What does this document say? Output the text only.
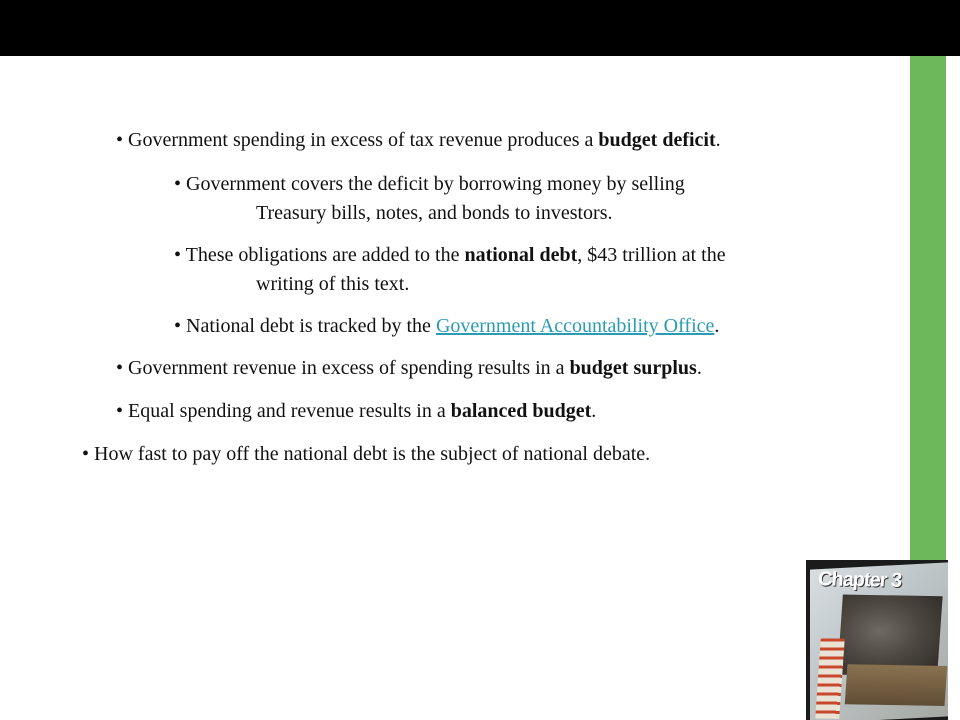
• Government spending in excess of tax revenue produces a budget deficit.

• Government covers the deficit by borrowing money by selling
Treasury bills, notes, and bonds to investors.

• These obligations are added to the national debt, $43 trillion at the
writing of this text.

• National debt is tracked by the Government Accountability Office.

• Government revenue in excess of spending results in a budget surplus.

• Equal spending and revenue results in a balanced budget.

• How fast to pay off the national debt is the subject of national debate.

Chapter 3
